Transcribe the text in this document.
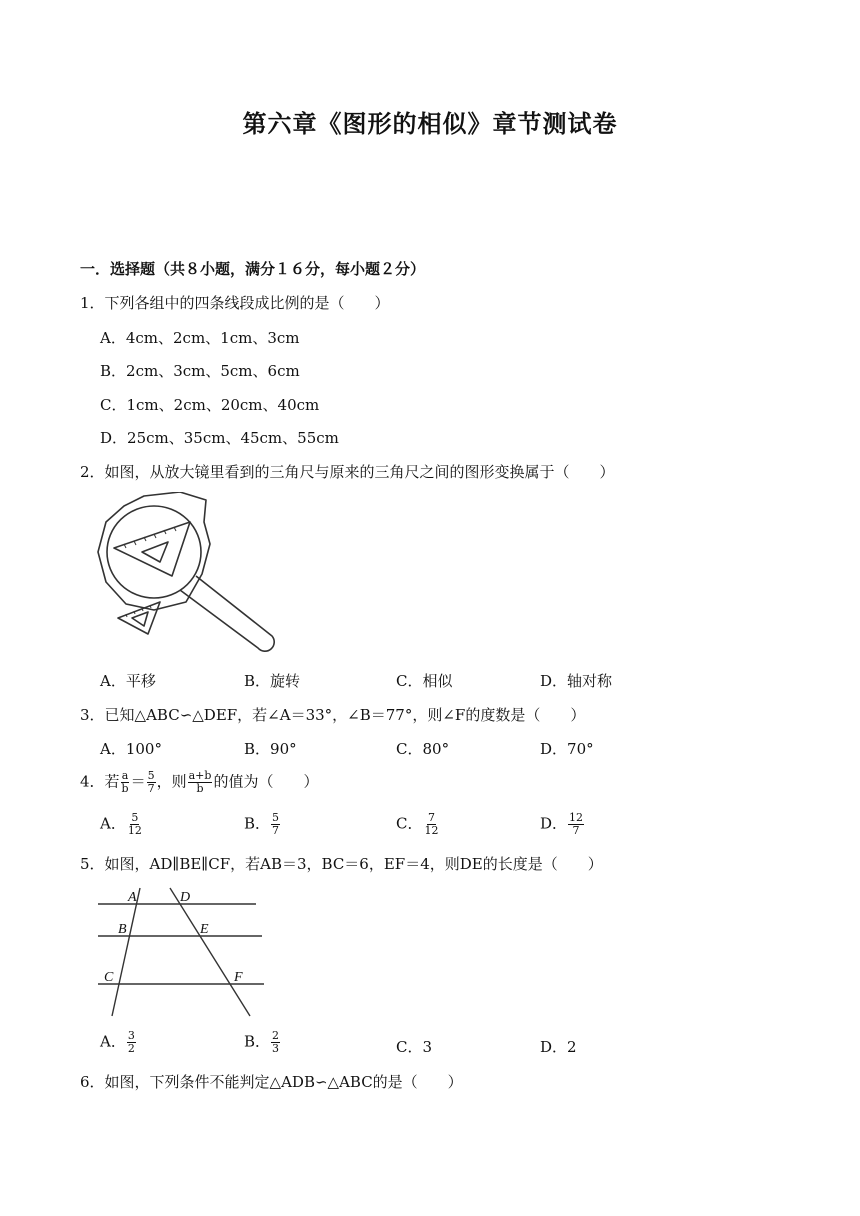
第六章《图形的相似》章节测试卷
一．选择题（共８小题，满分１６分，每小题２分）
1．下列各组中的四条线段成比例的是（　　）
A．4cm、2cm、1cm、3cm
B．2cm、3cm、5cm、6cm
C．1cm、2cm、20cm、40cm
D．25cm、35cm、45cm、55cm
2．如图，从放大镜里看到的三角尺与原来的三角尺之间的图形变换属于（　　）
A．平移	B．旋转	C．相似	D．轴对称
3．已知△ABC∽△DEF，若∠A＝33°，∠B＝77°，则∠F的度数是（　　）
A．100°	B．90°	C．80°	D．70°
4．若 $\frac{a}{b} = \frac{5}{7}$ ，则 $\frac{a+b}{b}$ 的值为（　　）
A． $\frac{5}{12}$	B． $\frac{5}{7}$	C． $\frac{7}{12}$	D． $\frac{12}{7}$
5．如图，AD∥BE∥CF，若AB＝3，BC＝6，EF＝4，则DE的长度是（　　）
A	D
B	E
C	F
A． $\frac{3}{2}$	B． $\frac{2}{3}$	C．3	D．2
6．如图，下列条件不能判定△ADB∽△ABC的是（　　）
